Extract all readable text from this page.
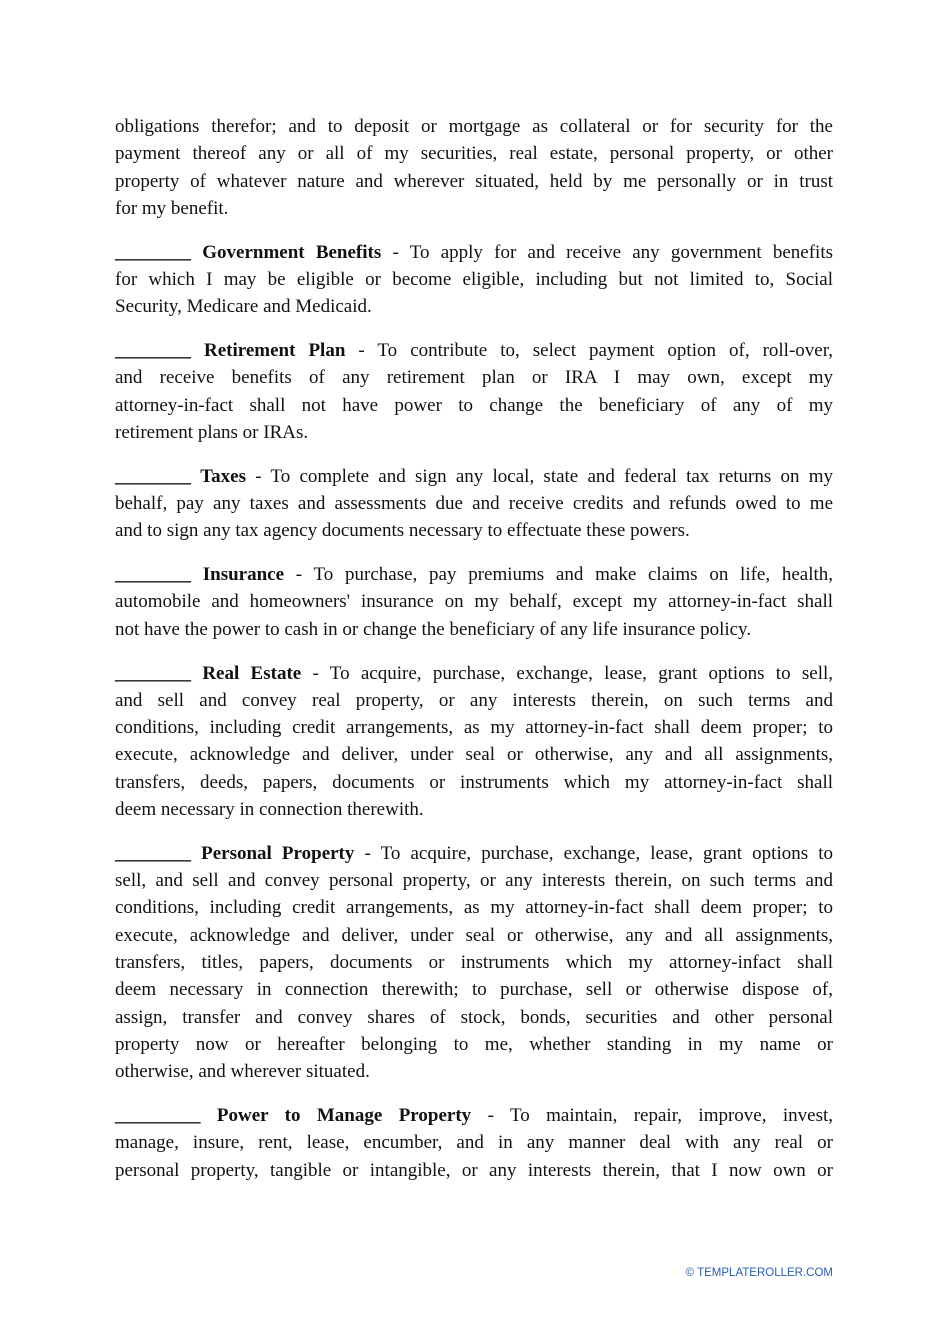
obligations therefor; and to deposit or mortgage as collateral or for security for the
payment thereof any or all of my securities, real estate, personal property, or other
property of whatever nature and wherever situated, held by me personally or in trust
for my benefit.
________ Government Benefits - To apply for and receive any government benefits
for which I may be eligible or become eligible, including but not limited to, Social
Security, Medicare and Medicaid.
________ Retirement Plan - To contribute to, select payment option of, roll-over,
and receive benefits of any retirement plan or IRA I may own, except my
attorney-in-fact shall not have power to change the beneficiary of any of my
retirement plans or IRAs.
________ Taxes - To complete and sign any local, state and federal tax returns on my
behalf, pay any taxes and assessments due and receive credits and refunds owed to me
and to sign any tax agency documents necessary to effectuate these powers.
________ Insurance - To purchase, pay premiums and make claims on life, health,
automobile and homeowners' insurance on my behalf, except my attorney-in-fact shall
not have the power to cash in or change the beneficiary of any life insurance policy.
________ Real Estate - To acquire, purchase, exchange, lease, grant options to sell,
and sell and convey real property, or any interests therein, on such terms and
conditions, including credit arrangements, as my attorney-in-fact shall deem proper; to
execute, acknowledge and deliver, under seal or otherwise, any and all assignments,
transfers, deeds, papers, documents or instruments which my attorney-in-fact shall
deem necessary in connection therewith.
________ Personal Property - To acquire, purchase, exchange, lease, grant options to
sell, and sell and convey personal property, or any interests therein, on such terms and
conditions, including credit arrangements, as my attorney-in-fact shall deem proper; to
execute, acknowledge and deliver, under seal or otherwise, any and all assignments,
transfers, titles, papers, documents or instruments which my attorney-infact shall
deem necessary in connection therewith; to purchase, sell or otherwise dispose of,
assign, transfer and convey shares of stock, bonds, securities and other personal
property now or hereafter belonging to me, whether standing in my name or
otherwise, and wherever situated.
_________ Power to Manage Property - To maintain, repair, improve, invest,
manage, insure, rent, lease, encumber, and in any manner deal with any real or
personal property, tangible or intangible, or any interests therein, that I now own or
© TEMPLATEROLLER.COM
